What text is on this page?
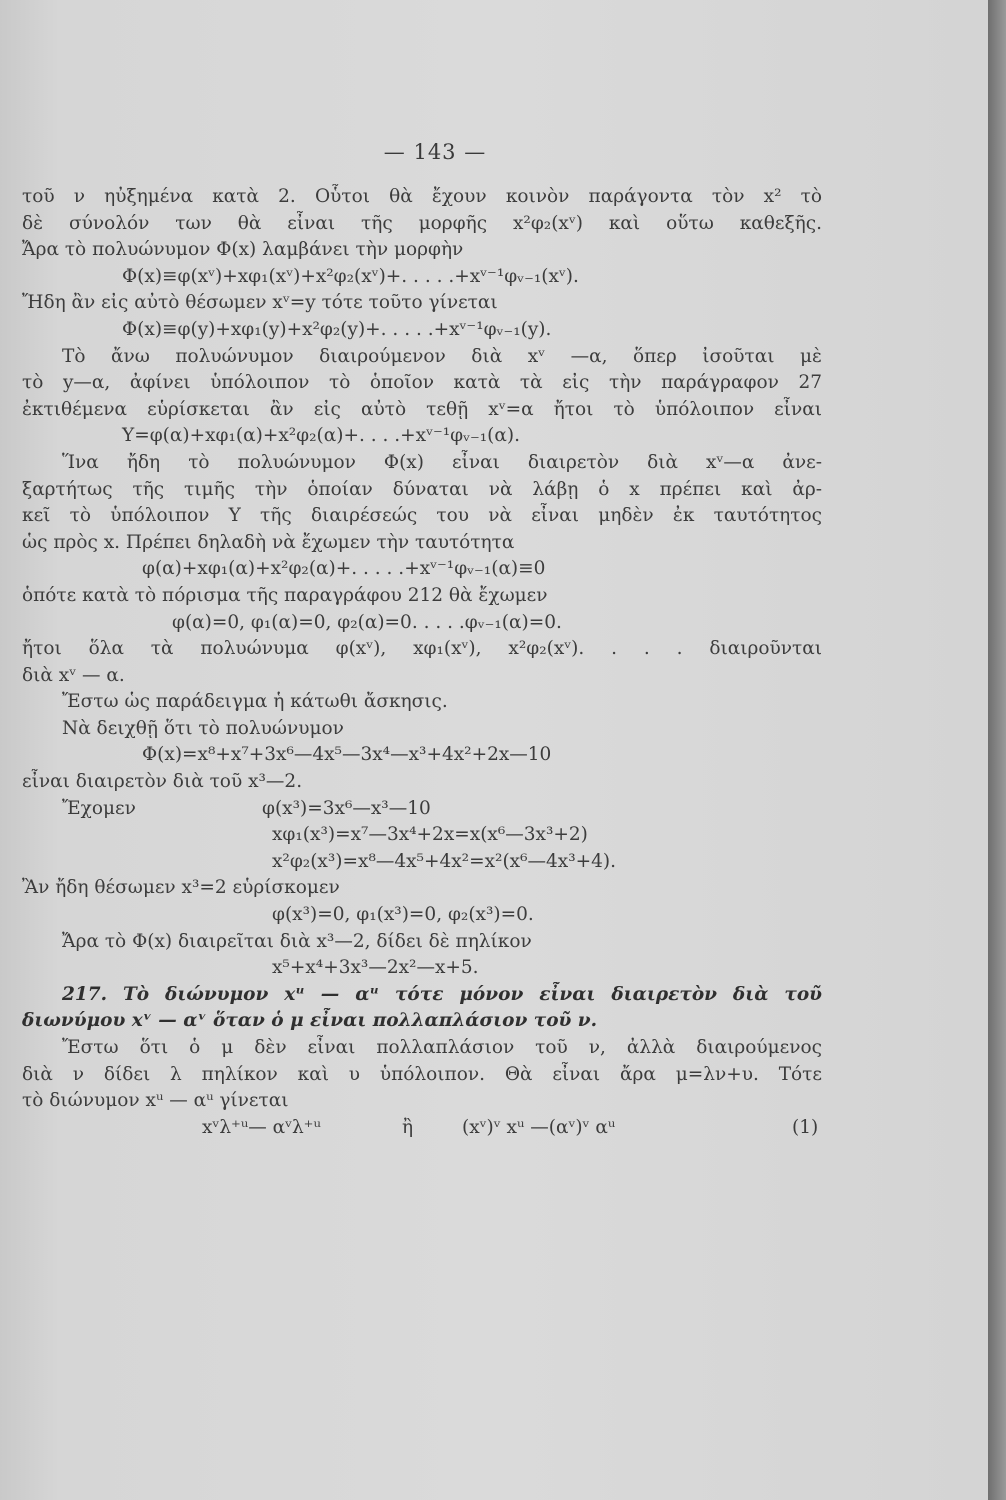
— 143 —
τοῦ ν ηὐξημένα κατὰ 2. Οὗτοι θὰ ἔχουν κοινὸν παράγοντα τὸν x² τὸ
δὲ σύνολόν των θὰ εἶναι τῆς μορφῆς x²φ₂(xᵛ) καὶ οὕτω καθεξῆς.
Ἄρα τὸ πολυώνυμον Φ(x) λαμβάνει τὴν μορφὴν
Φ(x)≡φ(xᵛ)+xφ₁(xᵛ)+x²φ₂(xᵛ)+. . . . .+xᵛ⁻¹φᵥ₋₁(xᵛ).
Ἤδη ἂν εἰς αὐτὸ θέσωμεν xᵛ=y τότε τοῦτο γίνεται
Φ(x)≡φ(y)+xφ₁(y)+x²φ₂(y)+. . . . .+xᵛ⁻¹φᵥ₋₁(y).
Τὸ ἄνω πολυώνυμον διαιρούμενον διὰ xᵛ —α, ὅπερ ἰσοῦται μὲ
τὸ y—α, ἀφίνει ὑπόλοιπον τὸ ὁποῖον κατὰ τὰ εἰς τὴν παράγραφον 27
ἐκτιθέμενα εὑρίσκεται ἂν εἰς αὐτὸ τεθῇ xᵛ=α ἤτοι τὸ ὑπόλοιπον εἶναι
Y=φ(α)+xφ₁(α)+x²φ₂(α)+. . . .+xᵛ⁻¹φᵥ₋₁(α).
Ἵνα ἤδη τὸ πολυώνυμον Φ(x) εἶναι διαιρετὸν διὰ xᵛ—α ἀνε-
ξαρτήτως τῆς τιμῆς τὴν ὁποίαν δύναται νὰ λάβῃ ὁ x πρέπει καὶ ἀρ-
κεῖ τὸ ὑπόλοιπον Y τῆς διαιρέσεώς του νὰ εἶναι μηδὲν ἐκ ταυτότητος
ὡς πρὸς x. Πρέπει δηλαδὴ νὰ ἔχωμεν τὴν ταυτότητα
φ(α)+xφ₁(α)+x²φ₂(α)+. . . . .+xᵛ⁻¹φᵥ₋₁(α)≡0
ὁπότε κατὰ τὸ πόρισμα τῆς παραγράφου 212 θὰ ἔχωμεν
φ(α)=0, φ₁(α)=0, φ₂(α)=0. . . . .φᵥ₋₁(α)=0.
ἤτοι ὅλα τὰ πολυώνυμα φ(xᵛ), xφ₁(xᵛ), x²φ₂(xᵛ). . . . διαιροῦνται
διὰ xᵛ — α.
Ἔστω ὡς παράδειγμα ἡ κάτωθι ἄσκησις.
Νὰ δειχθῇ ὅτι τὸ πολυώνυμον
Φ(x)=x⁸+x⁷+3x⁶—4x⁵—3x⁴—x³+4x²+2x—10
εἶναι διαιρετὸν διὰ τοῦ x³—2.
Ἔχομεν	φ(x³)=3x⁶—x³—10
xφ₁(x³)=x⁷—3x⁴+2x=x(x⁶—3x³+2)
x²φ₂(x³)=x⁸—4x⁵+4x²=x²(x⁶—4x³+4).
Ἂν ἤδη θέσωμεν x³=2 εὑρίσκομεν
φ(x³)=0, φ₁(x³)=0, φ₂(x³)=0.
Ἄρα τὸ Φ(x) διαιρεῖται διὰ x³—2, δίδει δὲ πηλίκον
x⁵+x⁴+3x³—2x²—x+5.
217. Τὸ διώνυμον xᵘ — αᵘ τότε μόνον εἶναι διαιρετὸν διὰ τοῦ
διωνύμου xᵛ — αᵛ ὅταν ὁ μ εἶναι πολλαπλάσιον τοῦ ν.
Ἔστω ὅτι ὁ μ δὲν εἶναι πολλαπλάσιον τοῦ ν, ἀλλὰ διαιρούμενος
διὰ ν δίδει λ πηλίκον καὶ υ ὑπόλοιπον. Θὰ εἶναι ἄρα μ=λν+υ. Τότε
τὸ διώνυμον xᵘ — αᵘ γίνεται
xᵛλ⁺ᵘ— αᵛλ⁺ᵘ	ἢ	(xᵛ)ᵛ xᵘ —(αᵛ)ᵛ αᵘ	(1)
